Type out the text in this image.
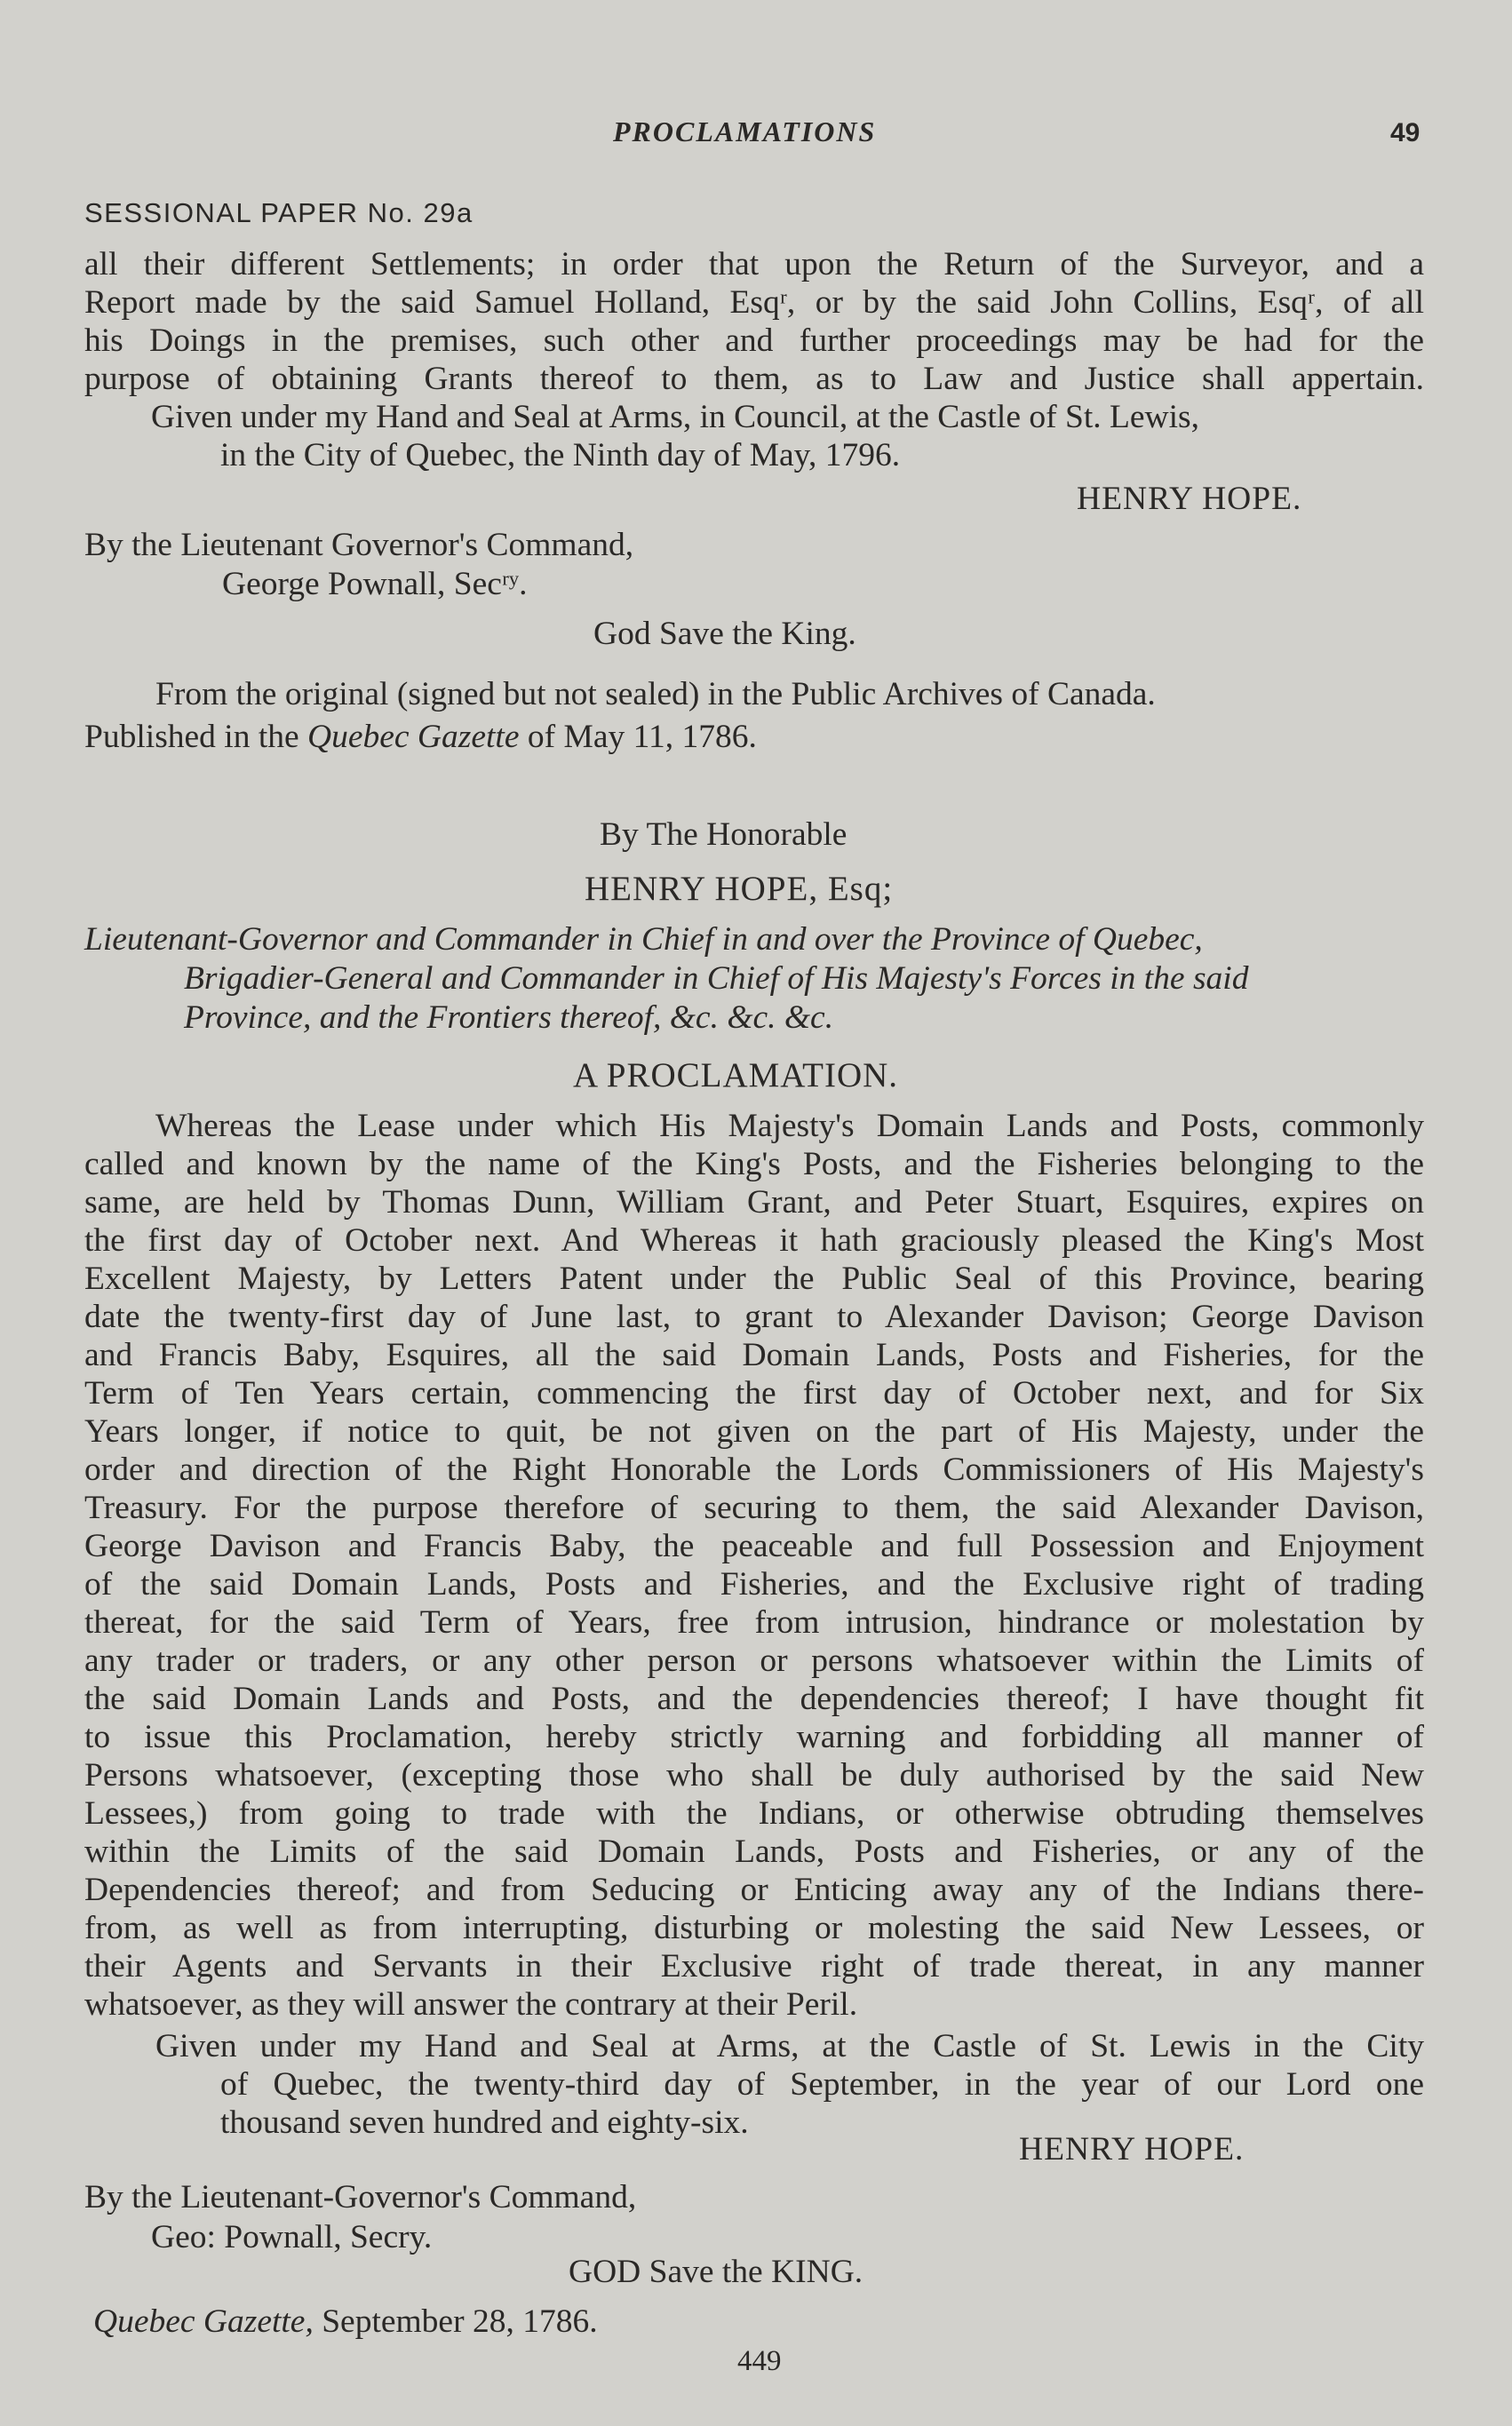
PROCLAMATIONS	49
SESSIONAL PAPER No. 29a
all their different Settlements; in order that upon the Return of the Surveyor, and a
Report made by the said Samuel Holland, Esqʳ, or by the said John Collins, Esqʳ, of all
his Doings in the premises, such other and further proceedings may be had for the
purpose of obtaining Grants thereof to them, as to Law and Justice shall appertain.
Given under my Hand and Seal at Arms, in Council, at the Castle of St. Lewis,
in the City of Quebec, the Ninth day of May, 1796.
HENRY HOPE.
By the Lieutenant Governor's Command,
George Pownall, Secʳʸ.
God Save the King.
From the original (signed but not sealed) in the Public Archives of Canada.
Published in the Quebec Gazette of May 11, 1786.
By The Honorable
HENRY HOPE, Esq;
Lieutenant-Governor and Commander in Chief in and over the Province of Quebec,
Brigadier-General and Commander in Chief of His Majesty's Forces in the said
Province, and the Frontiers thereof, &c. &c. &c.
A PROCLAMATION.
Whereas the Lease under which His Majesty's Domain Lands and Posts, commonly
called and known by the name of the King's Posts, and the Fisheries belonging to the
same, are held by Thomas Dunn, William Grant, and Peter Stuart, Esquires, expires on
the first day of October next. And Whereas it hath graciously pleased the King's Most
Excellent Majesty, by Letters Patent under the Public Seal of this Province, bearing
date the twenty-first day of June last, to grant to Alexander Davison; George Davison
and Francis Baby, Esquires, all the said Domain Lands, Posts and Fisheries, for the
Term of Ten Years certain, commencing the first day of October next, and for Six
Years longer, if notice to quit, be not given on the part of His Majesty, under the
order and direction of the Right Honorable the Lords Commissioners of His Majesty's
Treasury. For the purpose therefore of securing to them, the said Alexander Davison,
George Davison and Francis Baby, the peaceable and full Possession and Enjoyment
of the said Domain Lands, Posts and Fisheries, and the Exclusive right of trading
thereat, for the said Term of Years, free from intrusion, hindrance or molestation by
any trader or traders, or any other person or persons whatsoever within the Limits of
the said Domain Lands and Posts, and the dependencies thereof; I have thought fit
to issue this Proclamation, hereby strictly warning and forbidding all manner of
Persons whatsoever, (excepting those who shall be duly authorised by the said New
Lessees,) from going to trade with the Indians, or otherwise obtruding themselves
within the Limits of the said Domain Lands, Posts and Fisheries, or any of the
Dependencies thereof; and from Seducing or Enticing away any of the Indians there-
from, as well as from interrupting, disturbing or molesting the said New Lessees, or
their Agents and Servants in their Exclusive right of trade thereat, in any manner
whatsoever, as they will answer the contrary at their Peril.
Given under my Hand and Seal at Arms, at the Castle of St. Lewis in the City
of Quebec, the twenty-third day of September, in the year of our Lord one
thousand seven hundred and eighty-six.
HENRY HOPE.
By the Lieutenant-Governor's Command,
Geo: Pownall, Secry.
GOD Save the KING.
Quebec Gazette, September 28, 1786.
449
